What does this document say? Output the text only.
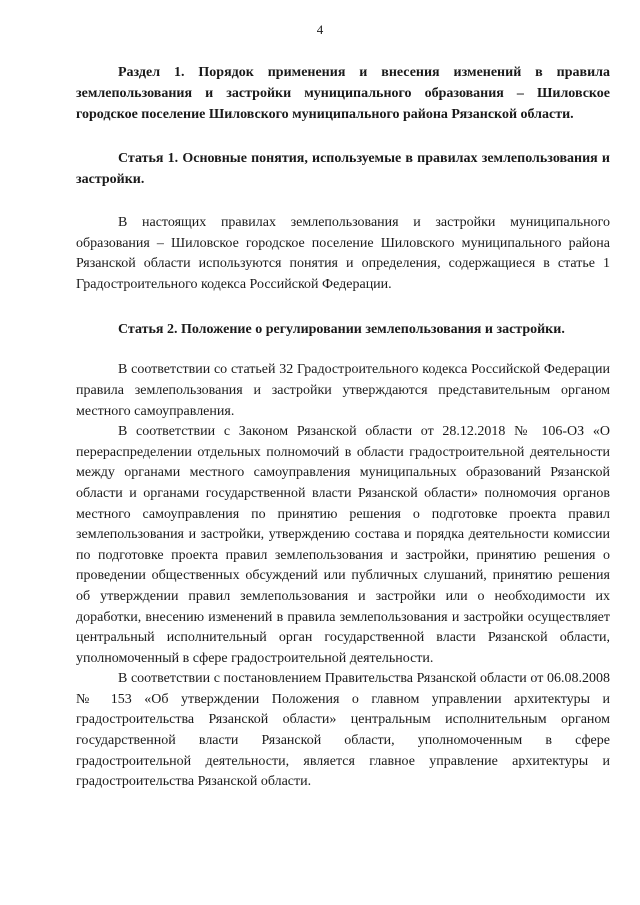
4

Раздел 1. Порядок применения и внесения изменений в правила землепользования и застройки муниципального образования – Шиловское городское поселение Шиловского муниципального района Рязанской области.

Статья 1. Основные понятия, используемые в правилах землепользования и застройки.

В настоящих правилах землепользования и застройки муниципального образования – Шиловское городское поселение Шиловского муниципального района Рязанской области используются понятия и определения, содержащиеся в статье 1 Градостроительного кодекса Российской Федерации.

Статья 2. Положение о регулировании землепользования и застройки.

В соответствии со статьей 32 Градостроительного кодекса Российской Федерации правила землепользования и застройки утверждаются представительным органом местного самоуправления.

В соответствии с Законом Рязанской области от 28.12.2018 № 106-ОЗ «О перераспределении отдельных полномочий в области градостроительной деятельности между органами местного самоуправления муниципальных образований Рязанской области и органами государственной власти Рязанской области» полномочия органов местного самоуправления по принятию решения о подготовке проекта правил землепользования и застройки, утверждению состава и порядка деятельности комиссии по подготовке проекта правил землепользования и застройки, принятию решения о проведении общественных обсуждений или публичных слушаний, принятию решения об утверждении правил землепользования и застройки или о необходимости их доработки, внесению изменений в правила землепользования и застройки осуществляет центральный исполнительный орган государственной власти Рязанской области, уполномоченный в сфере градостроительной деятельности.

В соответствии с постановлением Правительства Рязанской области от 06.08.2008 № 153 «Об утверждении Положения о главном управлении архитектуры и градостроительства Рязанской области» центральным исполнительным органом государственной власти Рязанской области, уполномоченным в сфере градостроительной деятельности, является главное управление архитектуры и градостроительства Рязанской области.
